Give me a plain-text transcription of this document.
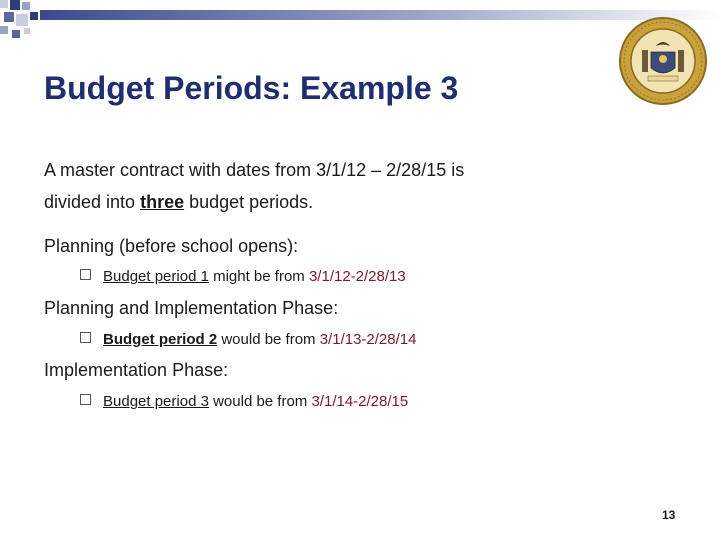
Budget Periods: Example 3
A master contract with dates from 3/1/12 – 2/28/15 is
divided into three budget periods.
Planning (before school opens):
Budget period 1 might be from 3/1/12-2/28/13
Planning and Implementation Phase:
Budget period 2 would be from 3/1/13-2/28/14
Implementation Phase:
Budget period 3 would be from 3/1/14-2/28/15
13
